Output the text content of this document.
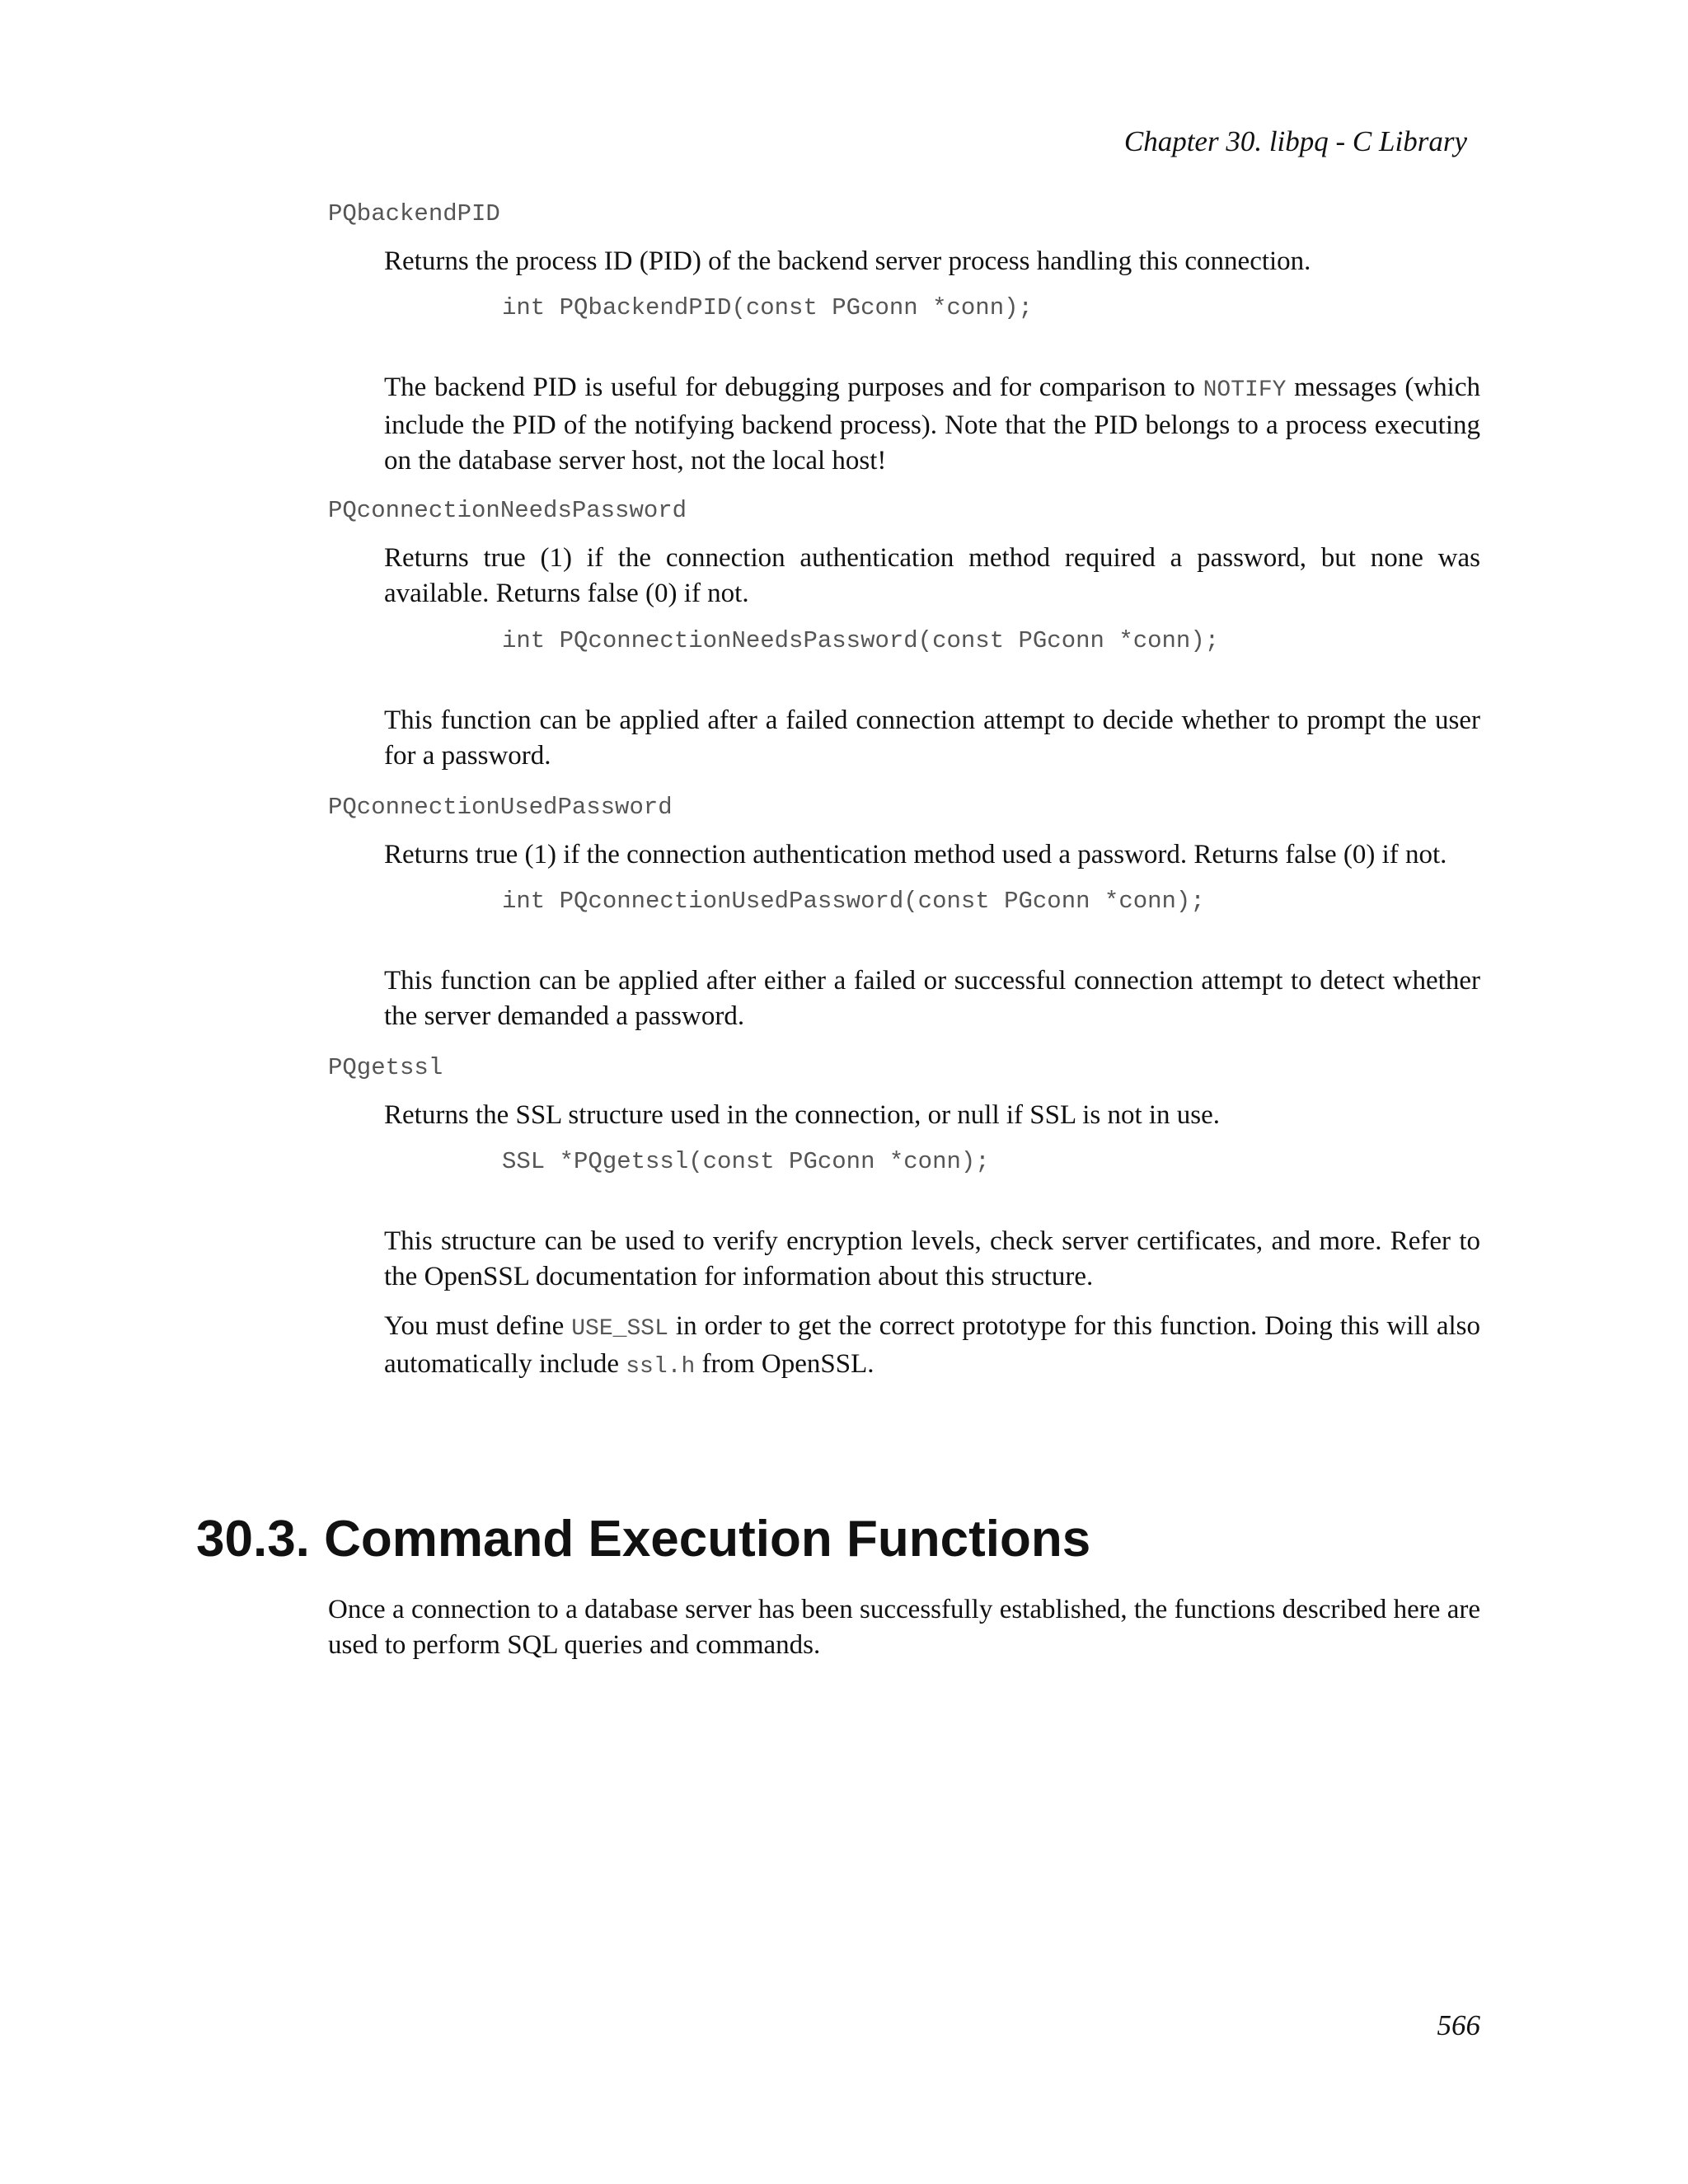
Chapter 30. libpq - C Library
PQbackendPID
Returns the process ID (PID) of the backend server process handling this connection.
int PQbackendPID(const PGconn *conn);
The backend PID is useful for debugging purposes and for comparison to NOTIFY messages (which include the PID of the notifying backend process). Note that the PID belongs to a process executing on the database server host, not the local host!
PQconnectionNeedsPassword
Returns true (1) if the connection authentication method required a password, but none was available. Returns false (0) if not.
int PQconnectionNeedsPassword(const PGconn *conn);
This function can be applied after a failed connection attempt to decide whether to prompt the user for a password.
PQconnectionUsedPassword
Returns true (1) if the connection authentication method used a password. Returns false (0) if not.
int PQconnectionUsedPassword(const PGconn *conn);
This function can be applied after either a failed or successful connection attempt to detect whether the server demanded a password.
PQgetssl
Returns the SSL structure used in the connection, or null if SSL is not in use.
SSL *PQgetssl(const PGconn *conn);
This structure can be used to verify encryption levels, check server certificates, and more. Refer to the OpenSSL documentation for information about this structure.
You must define USE_SSL in order to get the correct prototype for this function. Doing this will also automatically include ssl.h from OpenSSL.
30.3. Command Execution Functions
Once a connection to a database server has been successfully established, the functions described here are used to perform SQL queries and commands.
566
